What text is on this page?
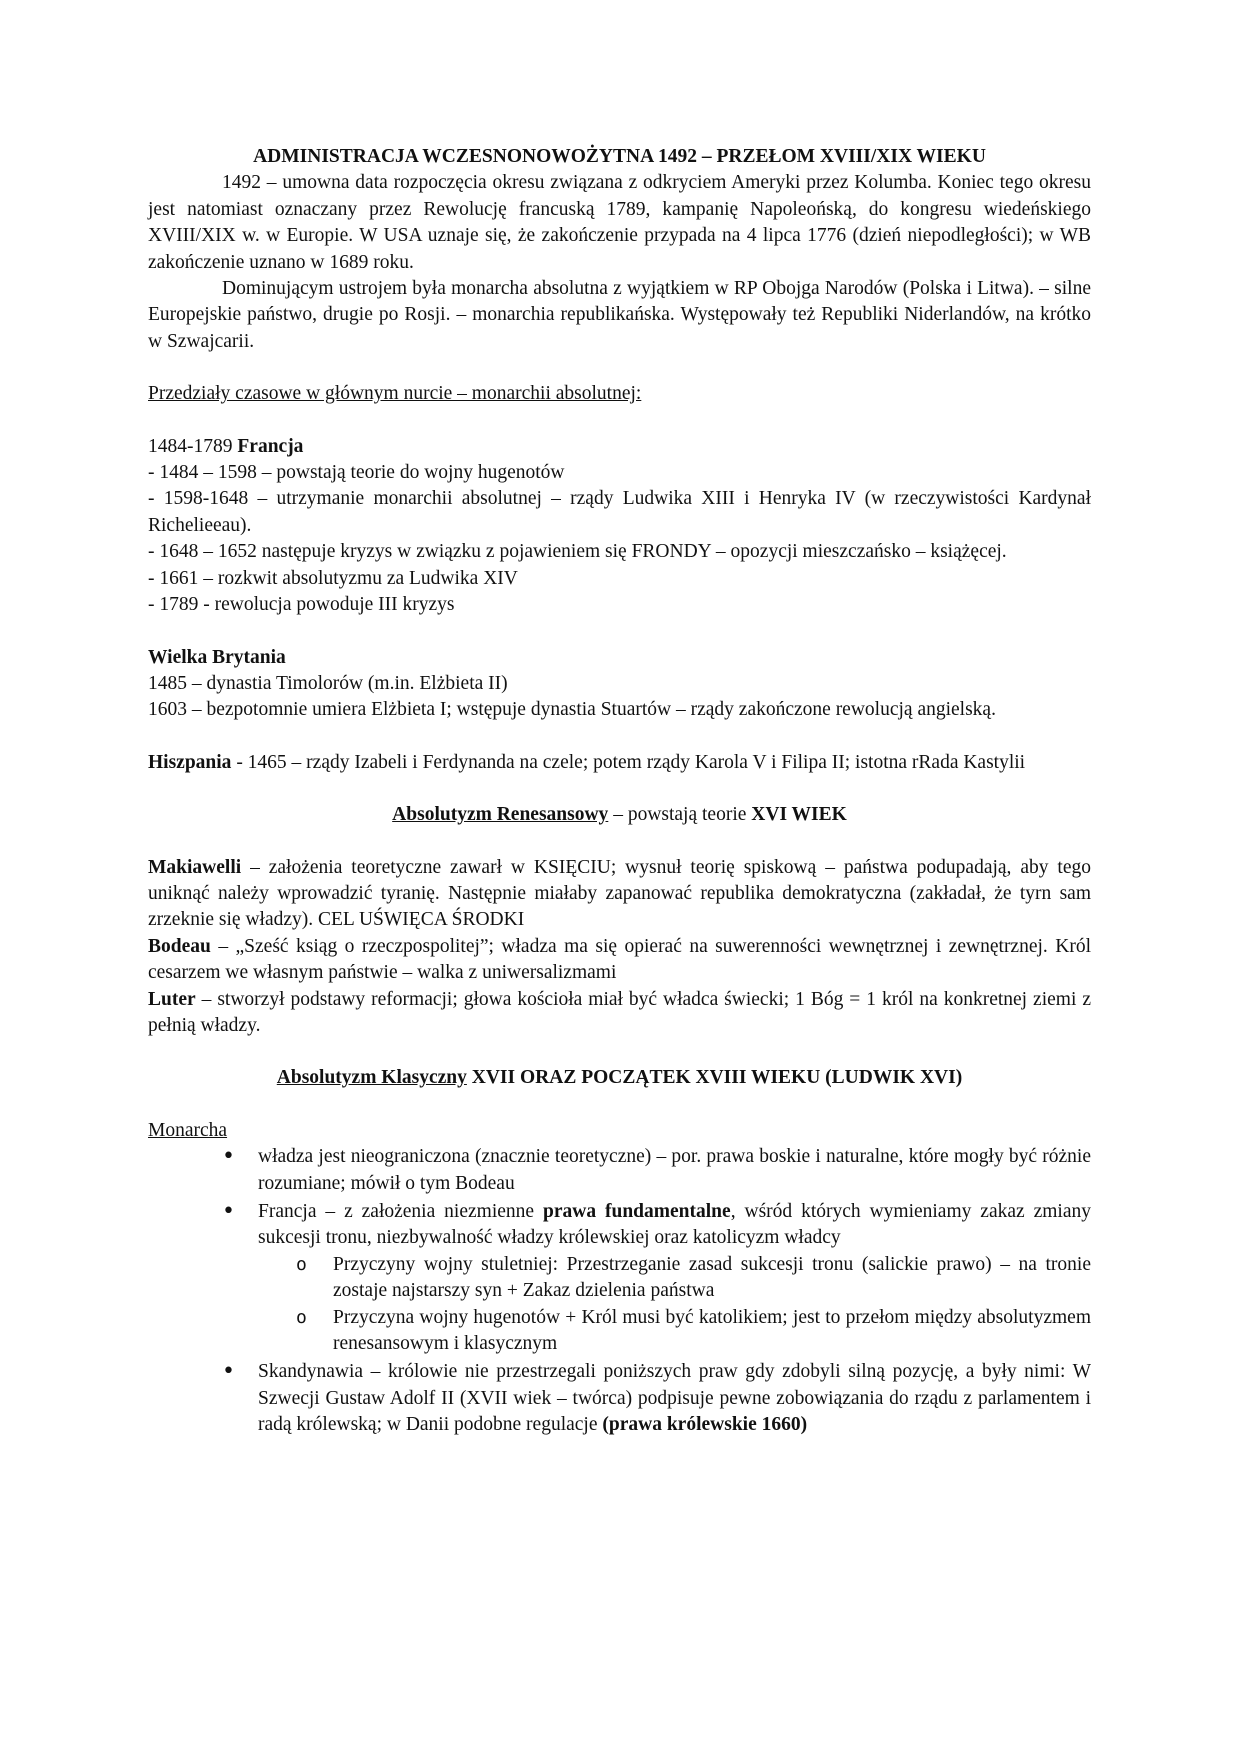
ADMINISTRACJA WCZESNONOWOŻYTNA 1492 – PRZEŁOM XVIII/XIX WIEKU

1492 – umowna data rozpoczęcia okresu związana z odkryciem Ameryki przez Kolumba. Koniec tego okresu jest natomiast oznaczany przez Rewolucję francuską 1789, kampanię Napoleońską, do kongresu wiedeńskiego XVIII/XIX w. w Europie. W USA uznaje się, że zakończenie przypada na 4 lipca 1776 (dzień niepodległości); w WB zakończenie uznano w 1689 roku.

Dominującym ustrojem była monarcha absolutna z wyjątkiem w RP Obojga Narodów (Polska i Litwa). – silne Europejskie państwo, drugie po Rosji. – monarchia republikańska. Występowały też Republiki Niderlandów, na krótko w Szwajcarii.

Przedziały czasowe w głównym nurcie – monarchii absolutnej:

1484-1789 Francja

- 1484 – 1598 – powstają teorie do wojny hugenotów

- 1598-1648 – utrzymanie monarchii absolutnej – rządy Ludwika XIII i Henryka IV (w rzeczywistości Kardynał Richelieeau).

- 1648 – 1652 następuje kryzys w związku z pojawieniem się FRONDY – opozycji mieszczańsko – książęcej.

- 1661 – rozkwit absolutyzmu za Ludwika XIV

- 1789 - rewolucja powoduje III kryzys

Wielka Brytania

1485 – dynastia Timolorów (m.in. Elżbieta II)

1603 – bezpotomnie umiera Elżbieta I; wstępuje dynastia Stuartów – rządy zakończone rewolucją angielską.

Hiszpania - 1465 – rządy Izabeli i Ferdynanda na czele; potem rządy Karola V i Filipa II; istotna rRada Kastylii

Absolutyzm Renesansowy – powstają teorie XVI WIEK

Makiawelli – założenia teoretyczne zawarł w KSIĘCIU; wysnuł teorię spiskową – państwa podupadają, aby tego uniknąć należy wprowadzić tyranię. Następnie miałaby zapanować republika demokratyczna (zakładał, że tyrn sam zrzeknie się władzy). CEL UŚWIĘCA ŚRODKI

Bodeau – „Sześć ksiąg o rzeczpospolitej”; władza ma się opierać na suwerenności wewnętrznej i zewnętrznej. Król cesarzem we własnym państwie – walka z uniwersalizmami

Luter – stworzył podstawy reformacji; głowa kościoła miał być władca świecki; 1 Bóg = 1 król na konkretnej ziemi z pełnią władzy.

Absolutyzm Klasyczny XVII ORAZ POCZĄTEK XVIII WIEKU (LUDWIK XVI)

Monarcha

• władza jest nieograniczona (znacznie teoretyczne) – por. prawa boskie i naturalne, które mogły być różnie rozumiane; mówił o tym Bodeau
• Francja – z założenia niezmienne prawa fundamentalne, wśród których wymieniamy zakaz zmiany sukcesji tronu, niezbywalność władzy królewskiej oraz katolicyzm władcy
o Przyczyny wojny stuletniej: Przestrzeganie zasad sukcesji tronu (salickie prawo) – na tronie zostaje najstarszy syn + Zakaz dzielenia państwa
o Przyczyna wojny hugenotów + Król musi być katolikiem; jest to przełom między absolutyzmem renesansowym i klasycznym
• Skandynawia – królowie nie przestrzegali poniższych praw gdy zdobyli silną pozycję, a były nimi: W Szwecji Gustaw Adolf II (XVII wiek – twórca) podpisuje pewne zobowiązania do rządu z parlamentem i radą królewską; w Danii podobne regulacje (prawa królewskie 1660)
